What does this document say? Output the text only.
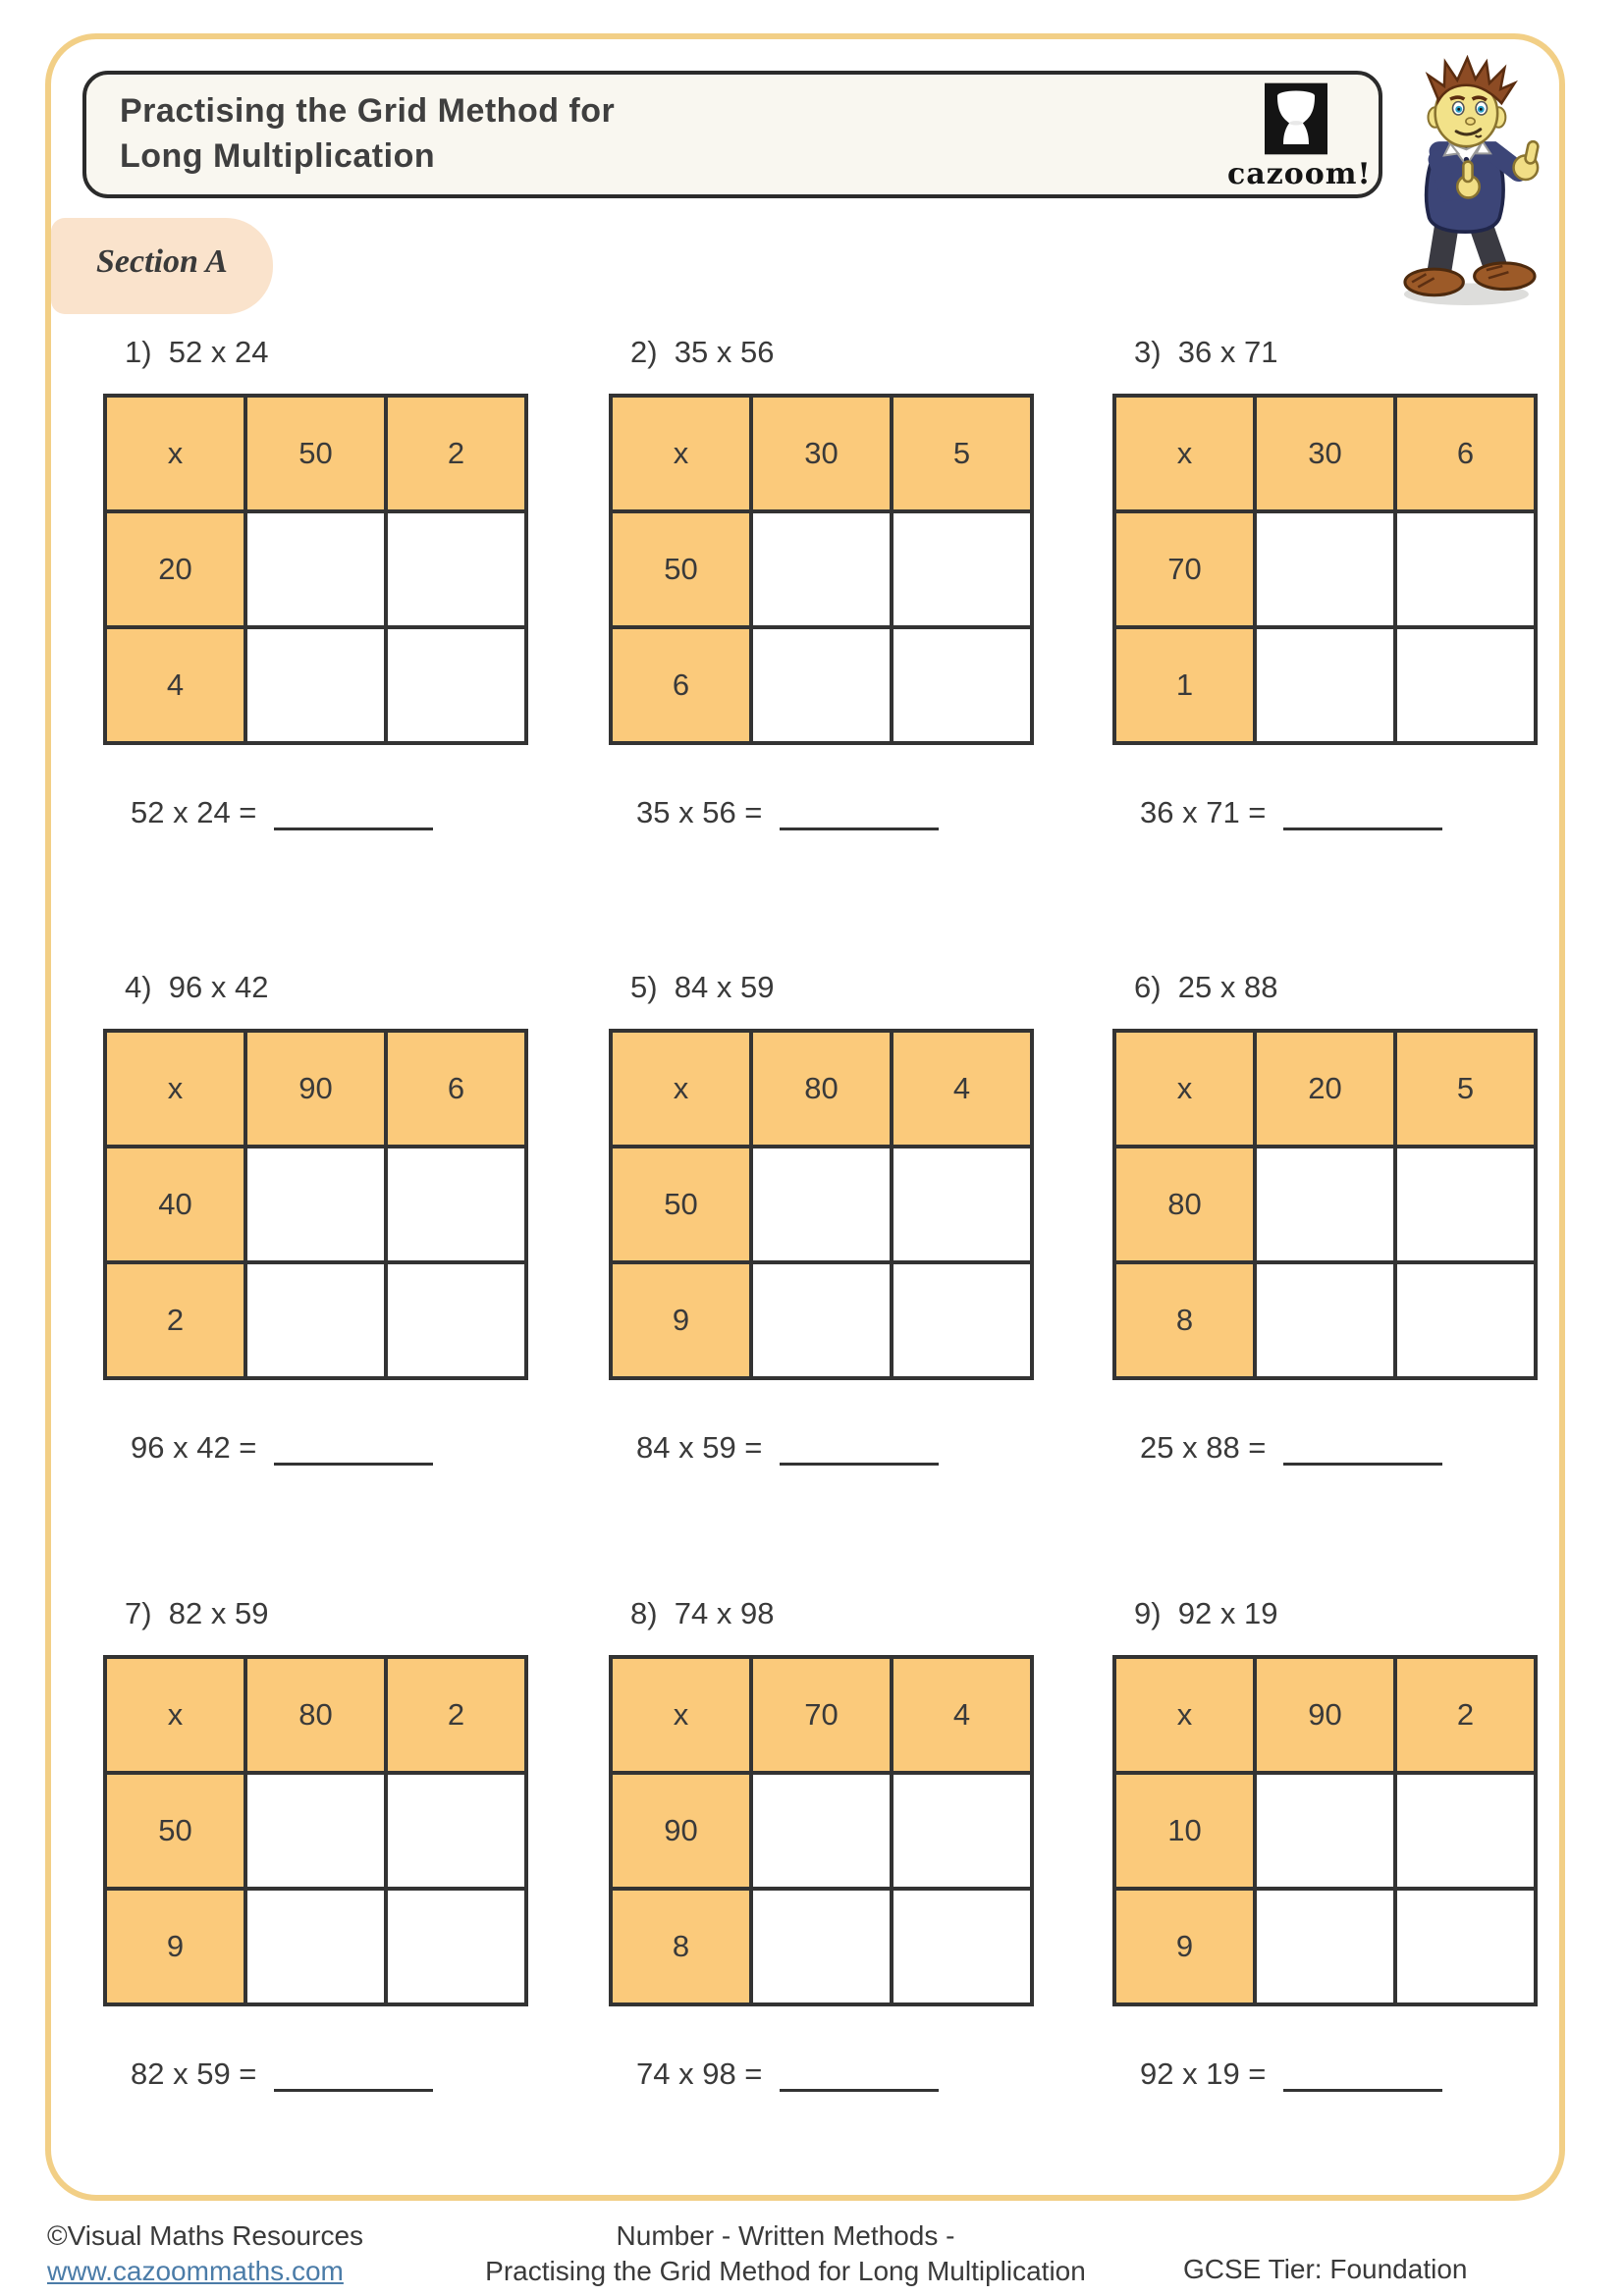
Practising the Grid Method for
Long Multiplication	cazoom!
Section A
1)  52 x 24
x	50	2
20		
4		
52 x 24 =
2)  35 x 56
x	30	5
50		
6		
35 x 56 =
3)  36 x 71
x	30	6
70		
1		
36 x 71 =
4)  96 x 42
x	90	6
40		
2		
96 x 42 =
5)  84 x 59
x	80	4
50		
9		
84 x 59 =
6)  25 x 88
x	20	5
80		
8		
25 x 88 =
7)  82 x 59
x	80	2
50		
9		
82 x 59 =
8)  74 x 98
x	70	4
90		
8		
74 x 98 =
9)  92 x 19
x	90	2
10		
9		
92 x 19 =
©Visual Maths Resources
www.cazoommaths.com
Number - Written Methods -
Practising the Grid Method for Long Multiplication	GCSE Tier: Foundation
